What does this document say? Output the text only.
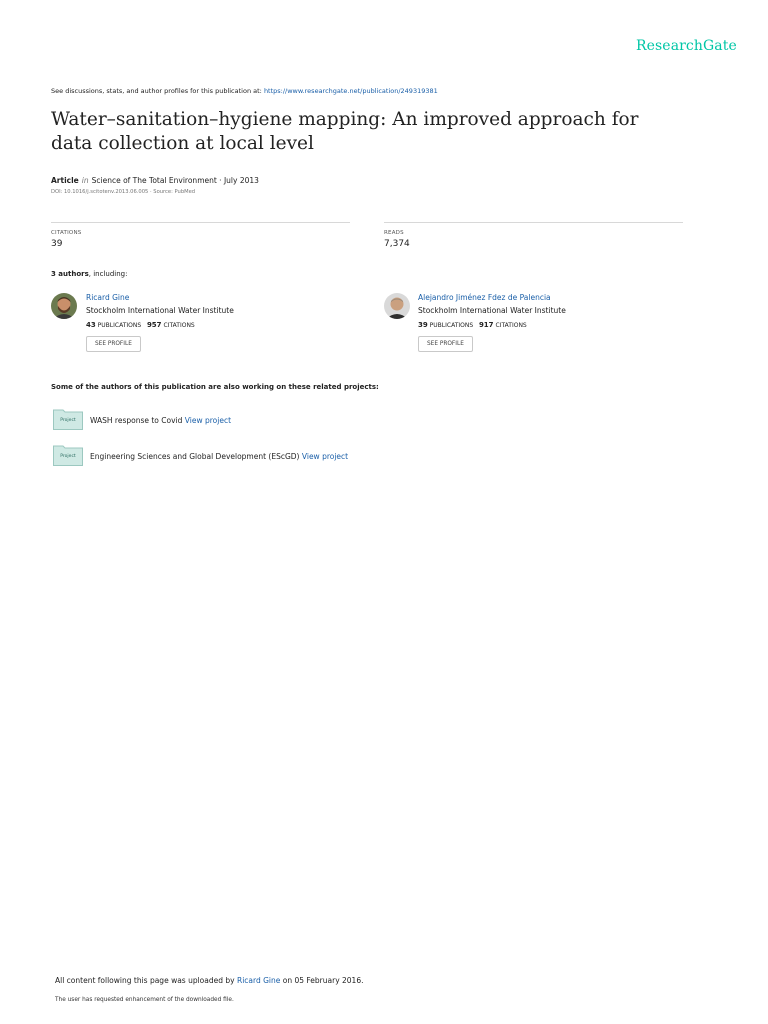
ResearchGate
See discussions, stats, and author profiles for this publication at: https://www.researchgate.net/publication/249319381
Water–sanitation–hygiene mapping: An improved approach for data collection at local level
Article in Science of The Total Environment · July 2013
DOI: 10.1016/j.scitotenv.2013.06.005 · Source: PubMed
CITATIONS
39
READS
7,374
3 authors, including:
Ricard Gine
Stockholm International Water Institute
43 PUBLICATIONS 957 CITATIONS
SEE PROFILE
Alejandro Jiménez Fdez de Palencia
Stockholm International Water Institute
39 PUBLICATIONS 917 CITATIONS
SEE PROFILE
Some of the authors of this publication are also working on these related projects:
Project	WASH response to Covid View project
Project	Engineering Sciences and Global Development (EScGD) View project
All content following this page was uploaded by Ricard Gine on 05 February 2016.
The user has requested enhancement of the downloaded file.
